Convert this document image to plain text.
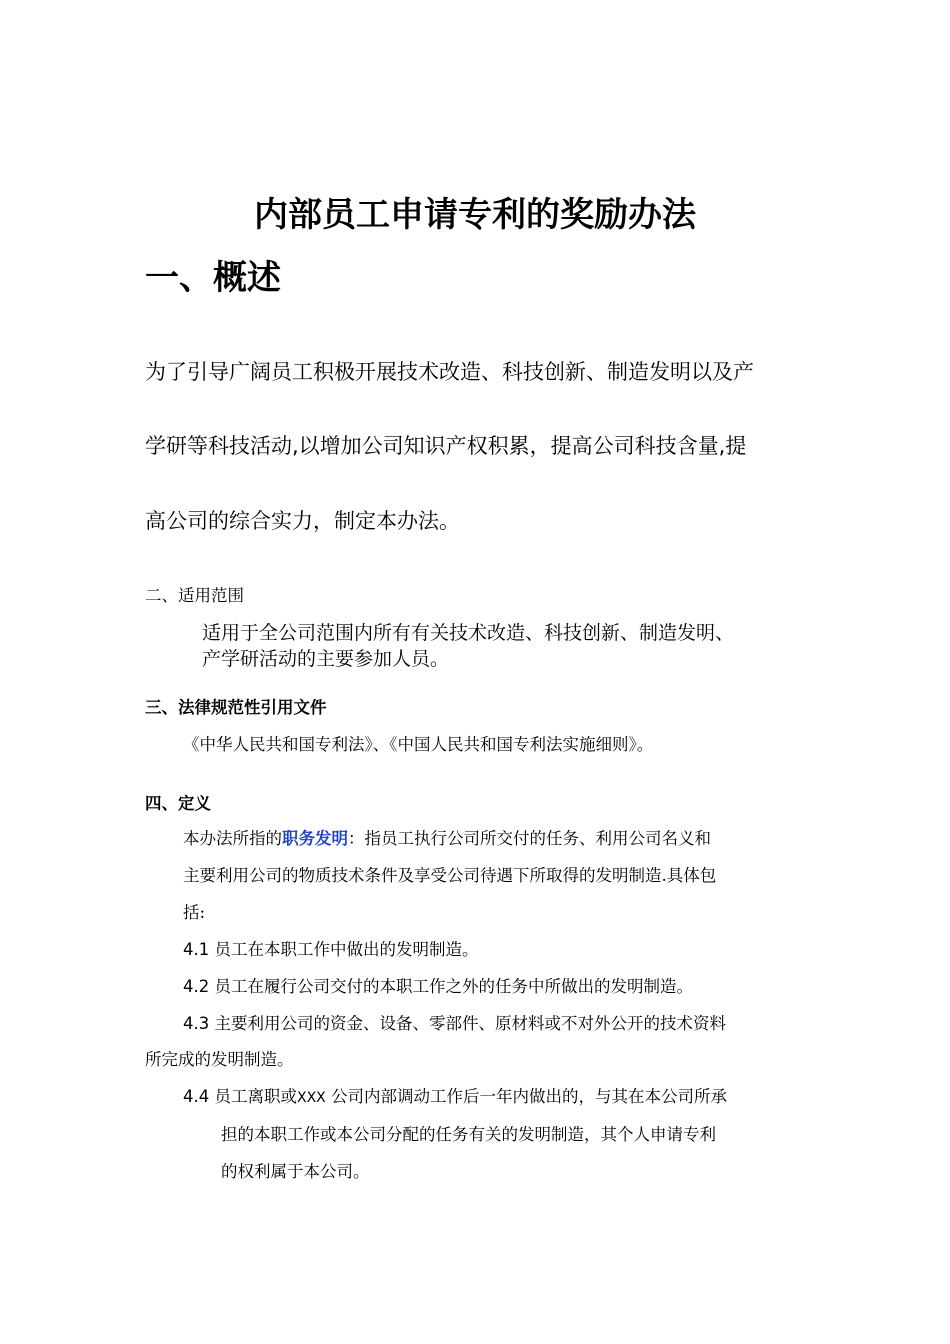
内部员工申请专利的奖励办法
一、概述
为了引导广阔员工积极开展技术改造、科技创新、制造发明以及产
学研等科技活动,以增加公司知识产权积累，提高公司科技含量,提
高公司的综合实力，制定本办法。
二、适用范围
适用于全公司范围内所有有关技术改造、科技创新、制造发明、
产学研活动的主要参加人员。
三、法律规范性引用文件
《中华人民共和国专利法》、《中国人民共和国专利法实施细则》。
四、定义
本办法所指的职务发明：指员工执行公司所交付的任务、利用公司名义和
主要利用公司的物质技术条件及享受公司待遇下所取得的发明制造.具体包
括:
4.1 员工在本职工作中做出的发明制造。
4.2 员工在履行公司交付的本职工作之外的任务中所做出的发明制造。
4.3 主要利用公司的资金、设备、零部件、原材料或不对外公开的技术资料
所完成的发明制造。
4.4 员工离职或XXX 公司内部调动工作后一年内做出的，与其在本公司所承
担的本职工作或本公司分配的任务有关的发明制造，其个人申请专利
的权利属于本公司。
